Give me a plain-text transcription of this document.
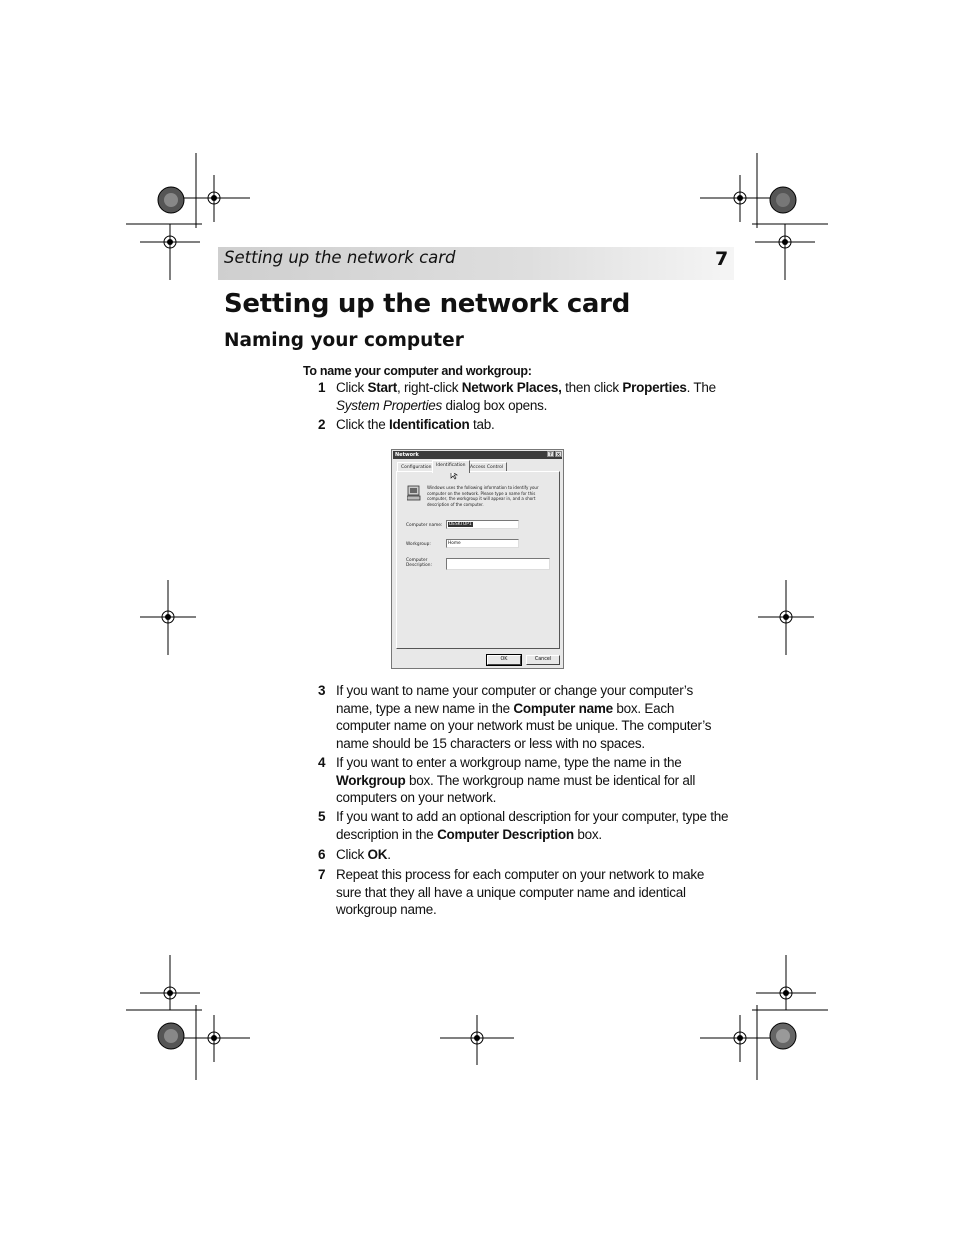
Setting up the network card	7
Setting up the network card
Naming your computer
To name your computer and workgroup:
1 Click Start, right-click Network Places, then click Properties. The System Properties dialog box opens.
2 Click the Identification tab.
Network	? ×
Configuration Identification Access Control
Windows uses the following information to identify your computer on the network. Please type a name for this computer, the workgroup it will appear in, and a short description of the computer.
Computer name:	DESKTOP1
Workgroup:	Home
Computer
Description:
OK	Cancel
3 If you want to name your computer or change your computer’s name, type a new name in the Computer name box. Each computer name on your network must be unique. The computer’s name should be 15 characters or less with no spaces.
4 If you want to enter a workgroup name, type the name in the Workgroup box. The workgroup name must be identical for all computers on your network.
5 If you want to add an optional description for your computer, type the description in the Computer Description box.
6 Click OK.
7 Repeat this process for each computer on your network to make sure that they all have a unique computer name and identical workgroup name.
